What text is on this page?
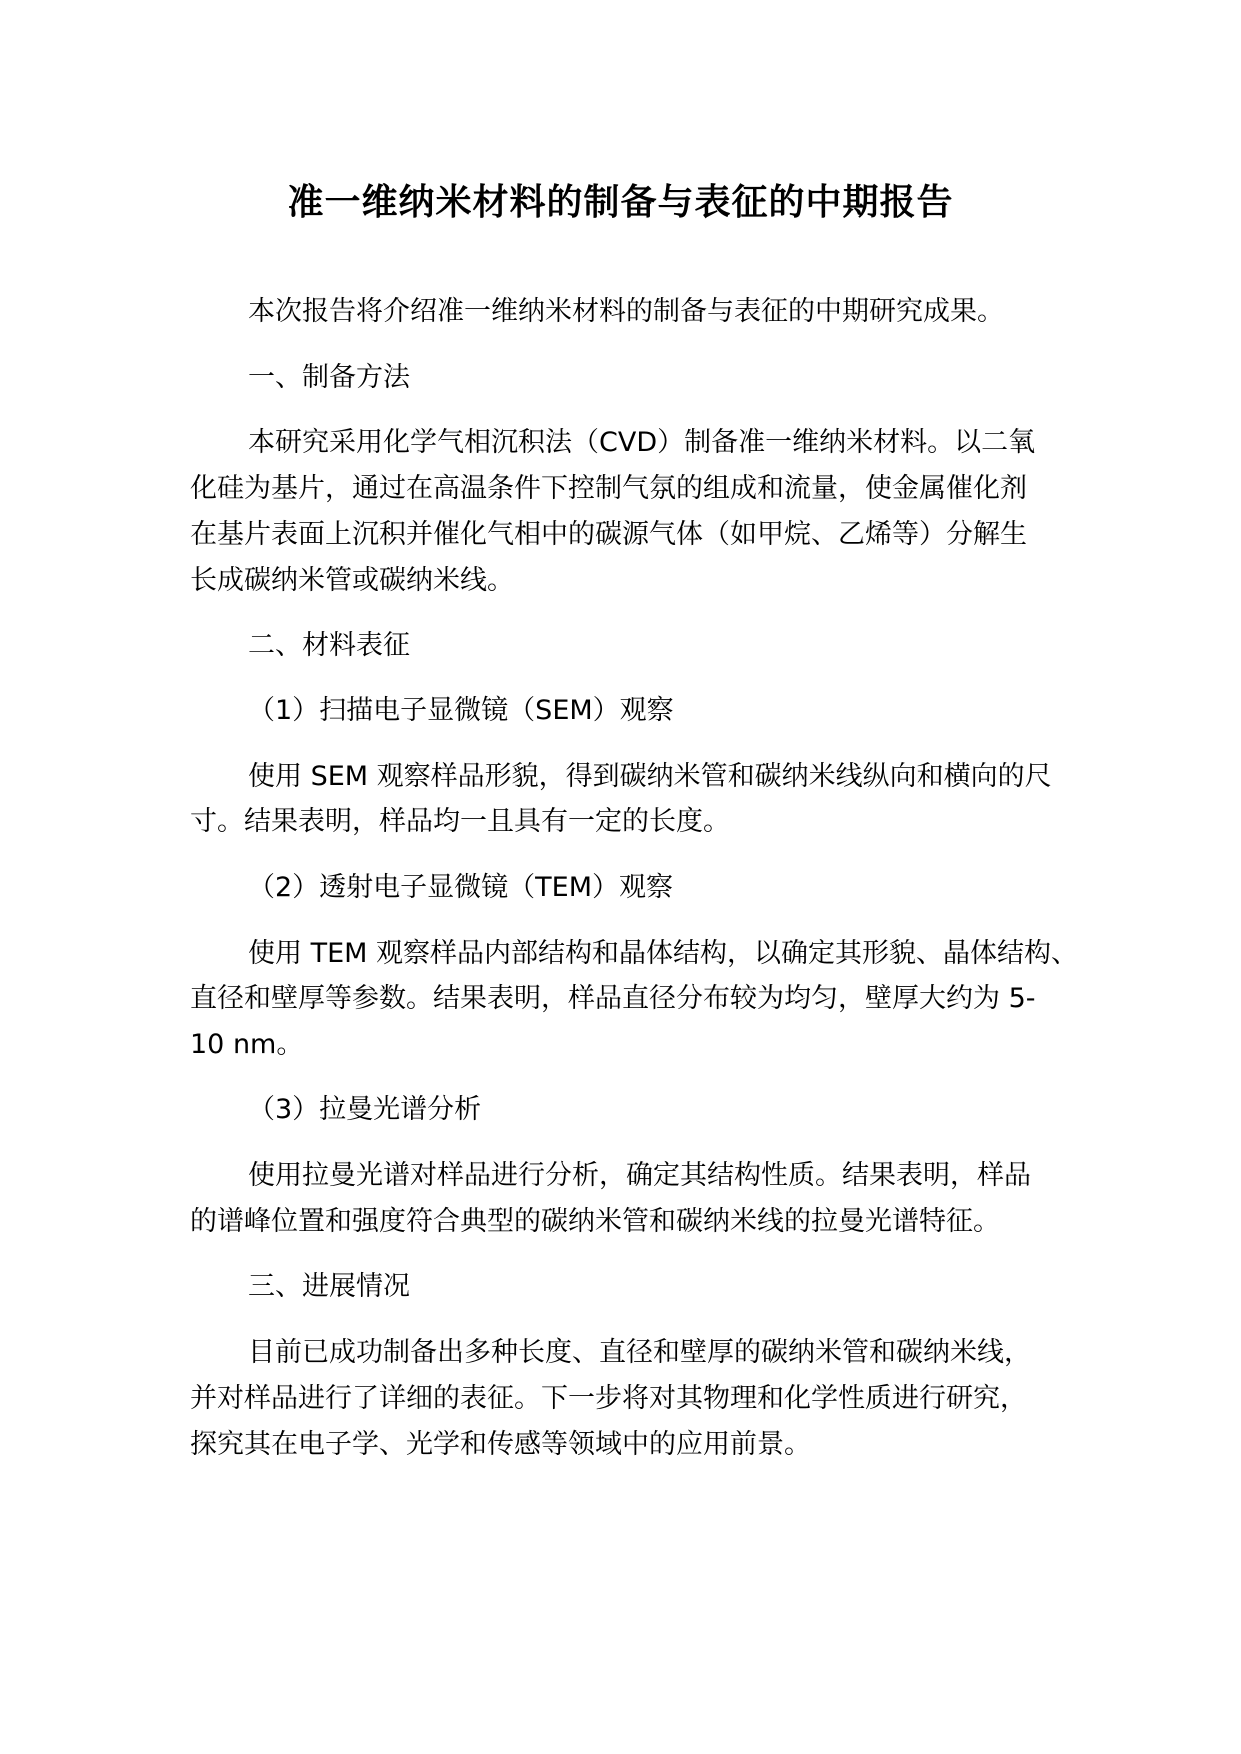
准一维纳米材料的制备与表征的中期报告
本次报告将介绍准一维纳米材料的制备与表征的中期研究成果。
一、制备方法
本研究采用化学气相沉积法（CVD）制备准一维纳米材料。以二氧
化硅为基片，通过在高温条件下控制气氛的组成和流量，使金属催化剂
在基片表面上沉积并催化气相中的碳源气体（如甲烷、乙烯等）分解生
长成碳纳米管或碳纳米线。
二、材料表征
（1）扫描电子显微镜（SEM）观察
使用 SEM 观察样品形貌，得到碳纳米管和碳纳米线纵向和横向的尺
寸。结果表明，样品均一且具有一定的长度。
（2）透射电子显微镜（TEM）观察
使用 TEM 观察样品内部结构和晶体结构，以确定其形貌、晶体结构、
直径和壁厚等参数。结果表明，样品直径分布较为均匀，壁厚大约为 5-
10 nm。
（3）拉曼光谱分析
使用拉曼光谱对样品进行分析，确定其结构性质。结果表明，样品
的谱峰位置和强度符合典型的碳纳米管和碳纳米线的拉曼光谱特征。
三、进展情况
目前已成功制备出多种长度、直径和壁厚的碳纳米管和碳纳米线，
并对样品进行了详细的表征。下一步将对其物理和化学性质进行研究，
探究其在电子学、光学和传感等领域中的应用前景。
